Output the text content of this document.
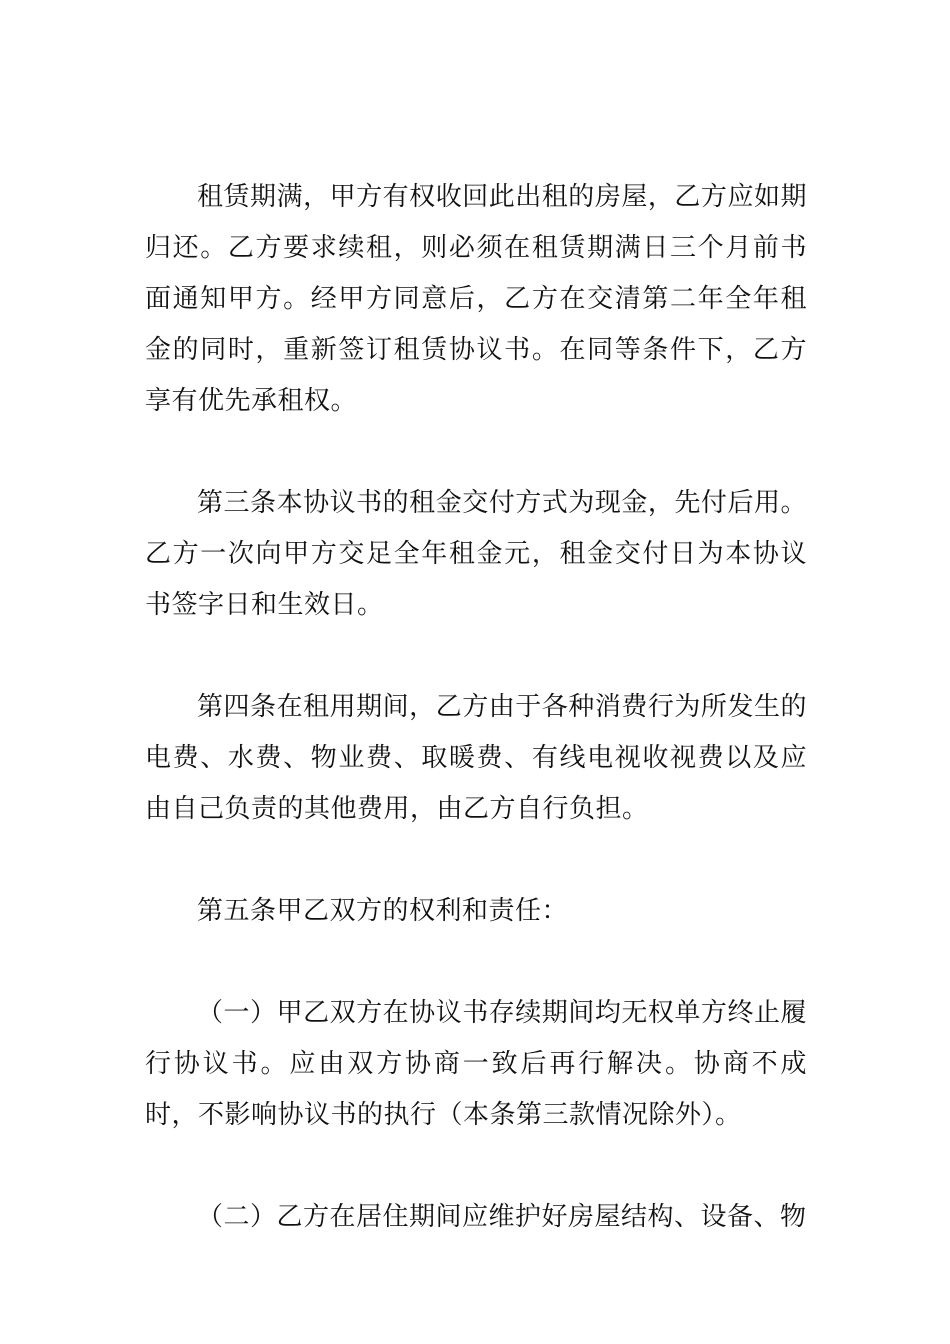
租赁期满，甲方有权收回此出租的房屋，乙方应如期归还。乙方要求续租，则必须在租赁期满日三个月前书面通知甲方。经甲方同意后，乙方在交清第二年全年租金的同时，重新签订租赁协议书。在同等条件下，乙方享有优先承租权。

第三条本协议书的租金交付方式为现金，先付后用。乙方一次向甲方交足全年租金元，租金交付日为本协议书签字日和生效日。

第四条在租用期间，乙方由于各种消费行为所发生的电费、水费、物业费、取暖费、有线电视收视费以及应由自己负责的其他费用，由乙方自行负担。

第五条甲乙双方的权利和责任：

（一）甲乙双方在协议书存续期间均无权单方终止履行协议书。应由双方协商一致后再行解决。协商不成时，不影响协议书的执行（本条第三款情况除外）。

（二）乙方在居住期间应维护好房屋结构、设备、物
